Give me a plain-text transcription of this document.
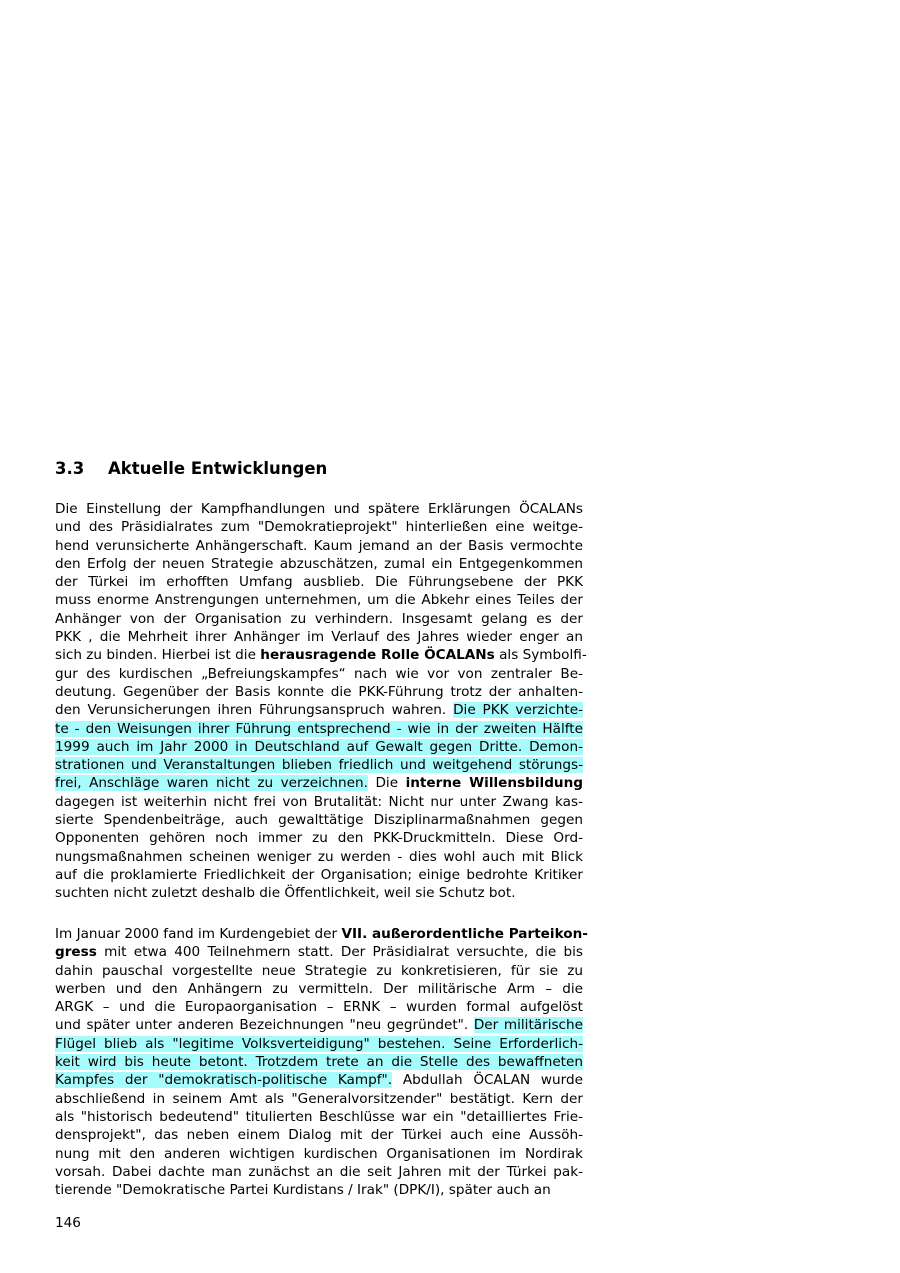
3.3 Aktuelle Entwicklungen
Die Einstellung der Kampfhandlungen und spätere Erklärungen ÖCALANs
und des Präsidialrates zum "Demokratieprojekt" hinterließen eine weitge-
hend verunsicherte Anhängerschaft. Kaum jemand an der Basis vermochte
den Erfolg der neuen Strategie abzuschätzen, zumal ein Entgegenkommen
der Türkei im erhofften Umfang ausblieb. Die Führungsebene der PKK
muss enorme Anstrengungen unternehmen, um die Abkehr eines Teiles der
Anhänger von der Organisation zu verhindern. Insgesamt gelang es der
PKK , die Mehrheit ihrer Anhänger im Verlauf des Jahres wieder enger an
sich zu binden. Hierbei ist die herausragende Rolle ÖCALANs als Symbolfi-
gur des kurdischen „Befreiungskampfes“ nach wie vor von zentraler Be-
deutung. Gegenüber der Basis konnte die PKK-Führung trotz der anhalten-
den Verunsicherungen ihren Führungsanspruch wahren. Die PKK verzichte-
te - den Weisungen ihrer Führung entsprechend - wie in der zweiten Hälfte
1999 auch im Jahr 2000 in Deutschland auf Gewalt gegen Dritte. Demon-
strationen und Veranstaltungen blieben friedlich und weitgehend störungs-
frei, Anschläge waren nicht zu verzeichnen. Die interne Willensbildung
dagegen ist weiterhin nicht frei von Brutalität: Nicht nur unter Zwang kas-
sierte Spendenbeiträge, auch gewalttätige Disziplinarmaßnahmen gegen
Opponenten gehören noch immer zu den PKK-Druckmitteln. Diese Ord-
nungsmaßnahmen scheinen weniger zu werden - dies wohl auch mit Blick
auf die proklamierte Friedlichkeit der Organisation; einige bedrohte Kritiker
suchten nicht zuletzt deshalb die Öffentlichkeit, weil sie Schutz bot.
Im Januar 2000 fand im Kurdengebiet der VII. außerordentliche Parteikon-
gress mit etwa 400 Teilnehmern statt. Der Präsidialrat versuchte, die bis
dahin pauschal vorgestellte neue Strategie zu konkretisieren, für sie zu
werben und den Anhängern zu vermitteln. Der militärische Arm – die
ARGK – und die Europaorganisation – ERNK – wurden formal aufgelöst
und später unter anderen Bezeichnungen "neu gegründet". Der militärische
Flügel blieb als "legitime Volksverteidigung" bestehen. Seine Erforderlich-
keit wird bis heute betont. Trotzdem trete an die Stelle des bewaffneten
Kampfes der "demokratisch-politische Kampf". Abdullah ÖCALAN wurde
abschließend in seinem Amt als "Generalvorsitzender" bestätigt. Kern der
als "historisch bedeutend" titulierten Beschlüsse war ein "detailliertes Frie-
densprojekt", das neben einem Dialog mit der Türkei auch eine Aussöh-
nung mit den anderen wichtigen kurdischen Organisationen im Nordirak
vorsah. Dabei dachte man zunächst an die seit Jahren mit der Türkei pak-
tierende "Demokratische Partei Kurdistans / Irak" (DPK/I), später auch an
146
